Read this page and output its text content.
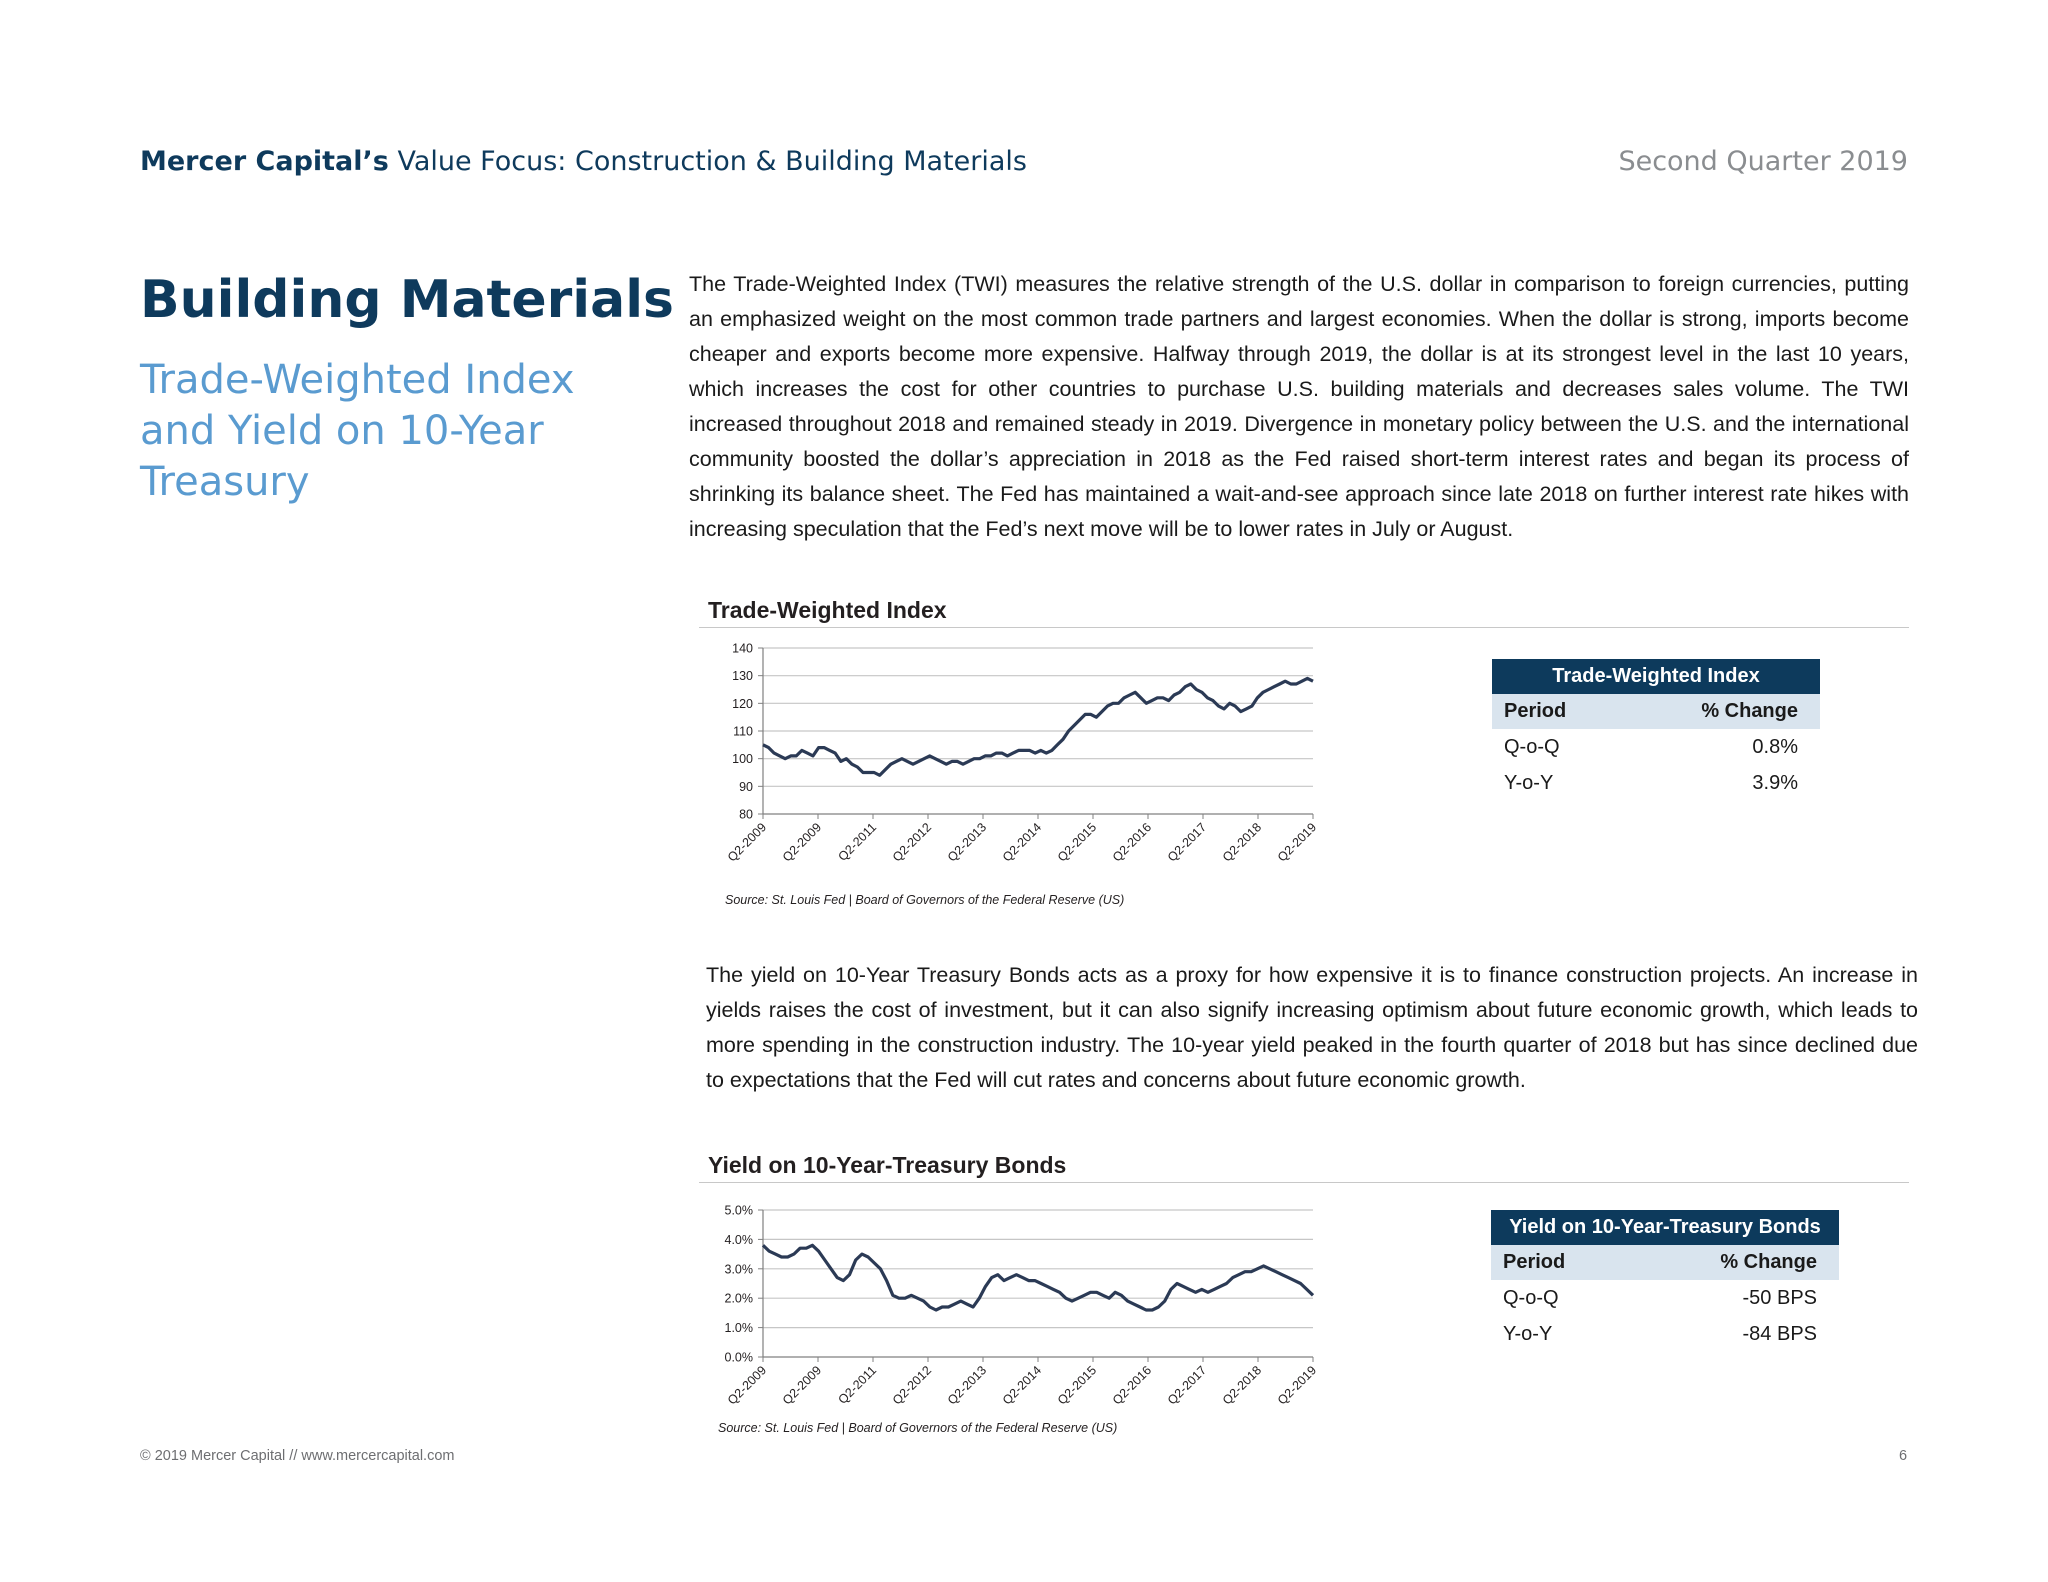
Mercer Capital’s Value Focus: Construction & Building Materials	Second Quarter 2019
Building Materials
Trade-Weighted Index and Yield on 10-Year Treasury
The Trade-Weighted Index (TWI) measures the relative strength of the U.S. dollar in comparison to foreign currencies, putting an emphasized weight on the most common trade partners and largest economies. When the dollar is strong, imports become cheaper and exports become more expensive. Halfway through 2019, the dollar is at its strongest level in the last 10 years, which increases the cost for other countries to purchase U.S. building materials and decreases sales volume. The TWI increased throughout 2018 and remained steady in 2019. Divergence in monetary policy between the U.S. and the international community boosted the dollar’s appreciation in 2018 as the Fed raised short-term interest rates and began its process of shrinking its balance sheet. The Fed has maintained a wait-and-see approach since late 2018 on further interest rate hikes with increasing speculation that the Fed’s next move will be to lower rates in July or August.
Trade-Weighted Index
140
130
120
110
100
90
80
Q2-2009 Q2-2009 Q2-2011 Q2-2012 Q2-2013 Q2-2014 Q2-2015 Q2-2016 Q2-2017 Q2-2018 Q2-2019
Source: St. Louis Fed | Board of Governors of the Federal Reserve (US)
Trade-Weighted Index	
Period	% Change
Q-o-Q	0.8%
Y-o-Y	3.9%
The yield on 10-Year Treasury Bonds acts as a proxy for how expensive it is to finance construction projects. An increase in yields raises the cost of investment, but it can also signify increasing optimism about future economic growth, which leads to more spending in the construction industry. The 10-year yield peaked in the fourth quarter of 2018 but has since declined due to expectations that the Fed will cut rates and concerns about future economic growth.
Yield on 10-Year-Treasury Bonds
5.0%
4.0%
3.0%
2.0%
1.0%
0.0%
Q2-2009 Q2-2009 Q2-2011 Q2-2012 Q2-2013 Q2-2014 Q2-2015 Q2-2016 Q2-2017 Q2-2018 Q2-2019
Source: St. Louis Fed | Board of Governors of the Federal Reserve (US)
Yield on 10-Year-Treasury Bonds	
Period	% Change
Q-o-Q	-50 BPS
Y-o-Y	-84 BPS
© 2019 Mercer Capital // www.mercercapital.com	6
